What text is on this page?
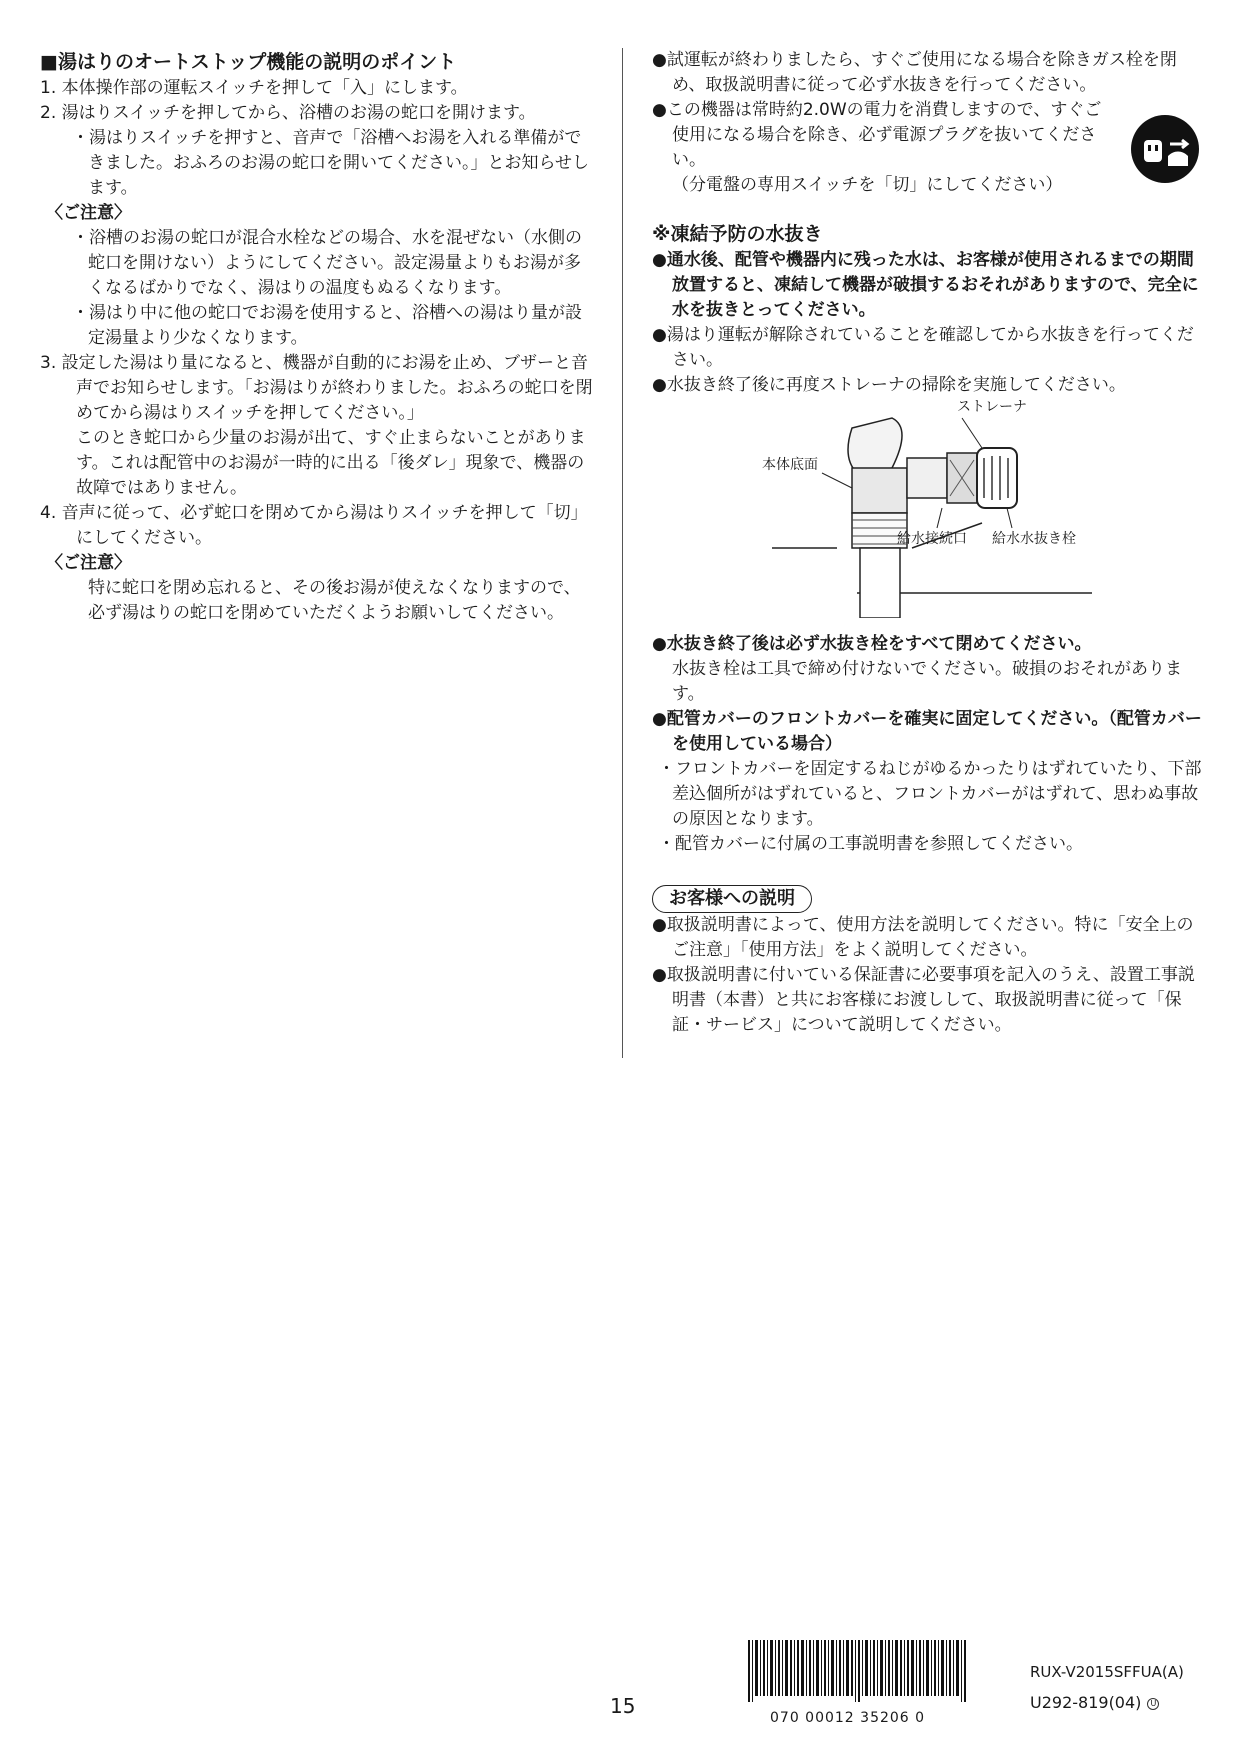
■湯はりのオートストップ機能の説明のポイント

1. 本体操作部の運転スイッチを押して「入」にします。

2. 湯はりスイッチを押してから、浴槽のお湯の蛇口を開けます。

・湯はりスイッチを押すと、音声で「浴槽へお湯を入れる準備ができました。おふろのお湯の蛇口を開いてください。」とお知らせします。

〈ご注意〉

・浴槽のお湯の蛇口が混合水栓などの場合、水を混ぜない（水側の蛇口を開けない）ようにしてください。設定湯量よりもお湯が多くなるばかりでなく、湯はりの温度もぬるくなります。

・湯はり中に他の蛇口でお湯を使用すると、浴槽への湯はり量が設定湯量より少なくなります。

3. 設定した湯はり量になると、機器が自動的にお湯を止め、ブザーと音声でお知らせします。「お湯はりが終わりました。おふろの蛇口を閉めてから湯はりスイッチを押してください。」

このとき蛇口から少量のお湯が出て、すぐ止まらないことがあります。これは配管中のお湯が一時的に出る「後ダレ」現象で、機器の故障ではありません。

4. 音声に従って、必ず蛇口を閉めてから湯はりスイッチを押して「切」にしてください。

〈ご注意〉

特に蛇口を閉め忘れると、その後お湯が使えなくなりますので、必ず湯はりの蛇口を閉めていただくようお願いしてください。

●試運転が終わりましたら、すぐご使用になる場合を除きガス栓を閉め、取扱説明書に従って必ず水抜きを行ってください。

●この機器は常時約2.0Wの電力を消費しますので、すぐご使用になる場合を除き、必ず電源プラグを抜いてください。

（分電盤の専用スイッチを「切」にしてください）

※凍結予防の水抜き

●通水後、配管や機器内に残った水は、お客様が使用されるまでの期間放置すると、凍結して機器が破損するおそれがありますので、完全に水を抜きとってください。

●湯はり運転が解除されていることを確認してから水抜きを行ってください。

●水抜き終了後に再度ストレーナの掃除を実施してください。

ストレーナ
本体底面
給水接続口 給水水抜き栓

●水抜き終了後は必ず水抜き栓をすべて閉めてください。

水抜き栓は工具で締め付けないでください。破損のおそれがあります。

●配管カバーのフロントカバーを確実に固定してください。（配管カバーを使用している場合）

・フロントカバーを固定するねじがゆるかったりはずれていたり、下部差込個所がはずれていると、フロントカバーがはずれて、思わぬ事故の原因となります。

・配管カバーに付属の工事説明書を参照してください。

お客様への説明

●取扱説明書によって、使用方法を説明してください。特に「安全上のご注意」「使用方法」をよく説明してください。

●取扱説明書に付いている保証書に必要事項を記入のうえ、設置工事説明書（本書）と共にお客様にお渡しして、取扱説明書に従って「保証・サービス」について説明してください。

15	070 00012 35206 0
RUX-V2015SFFUA(A)
U292-819(04) U
